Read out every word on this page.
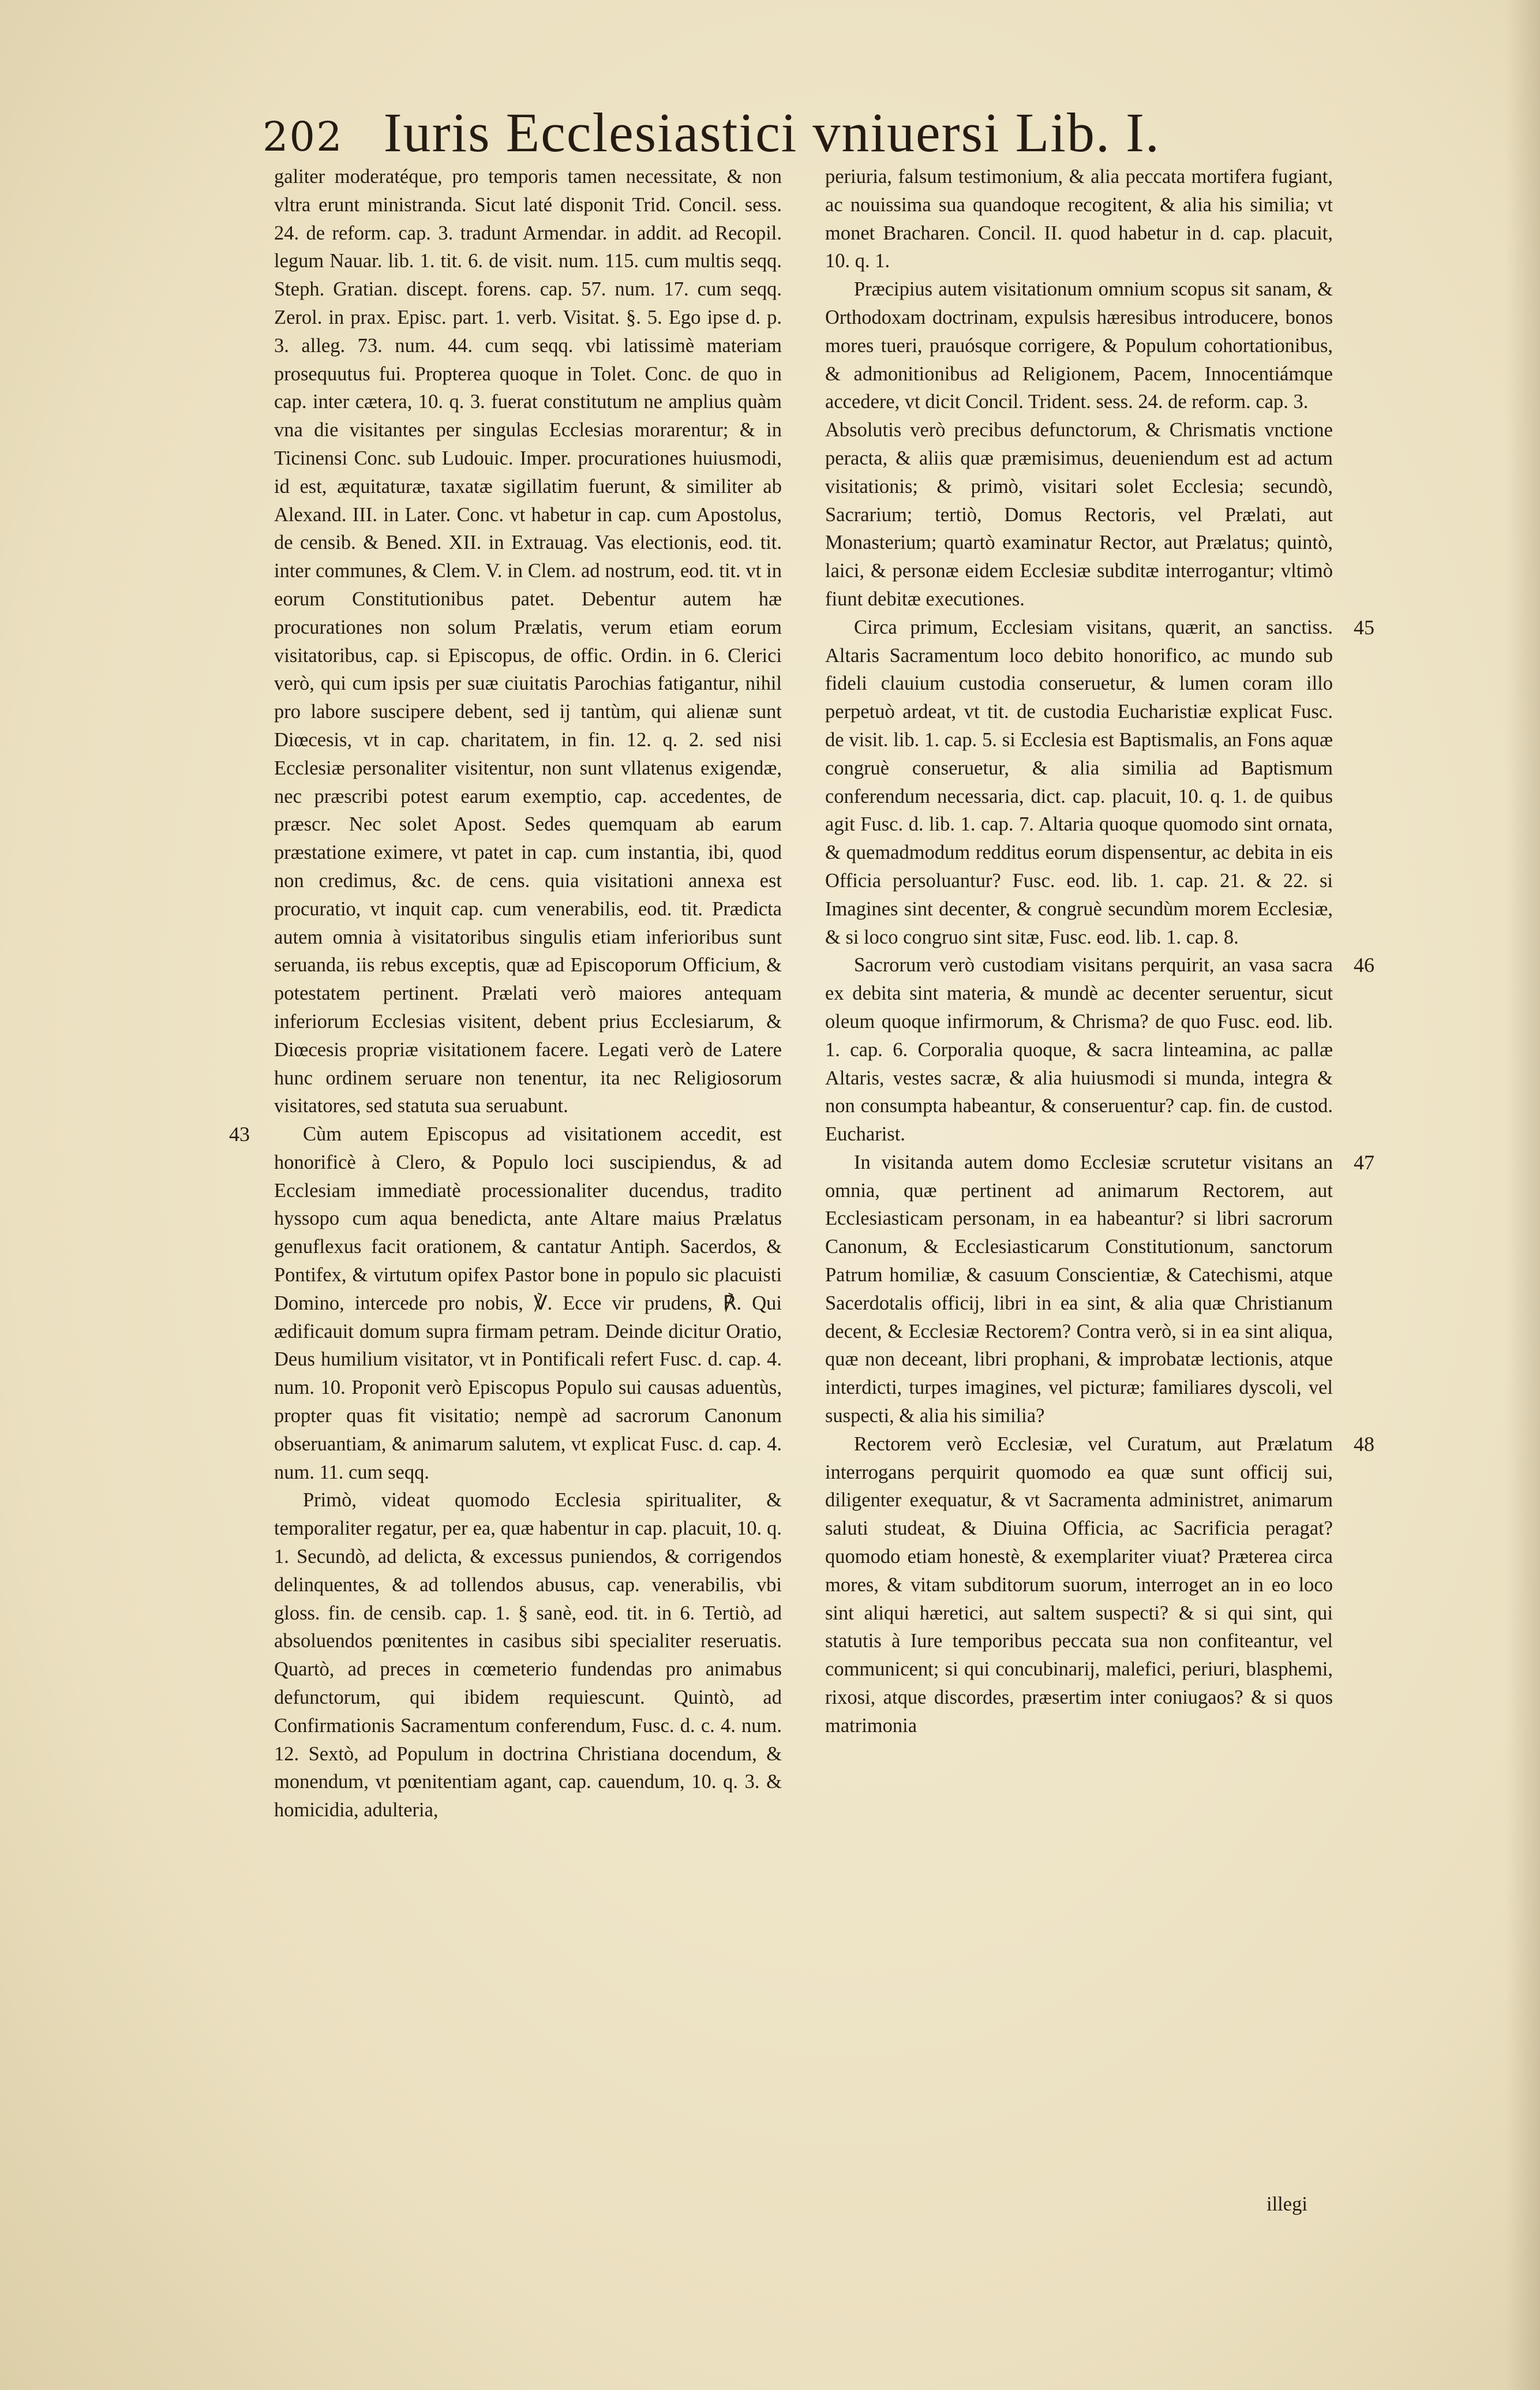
202 Iuris Ecclesiastici vniuersi Lib. I.

galiter moderatéque, pro temporis tamen necessitate, & non vltra erunt ministranda. Sicut laté disponit Trid. Concil. sess. 24. de reform. cap. 3. tradunt Armendar. in addit. ad Recopil. legum Nauar. lib. 1. tit. 6. de visit. num. 115. cum multis seqq. Steph. Gratian. discept. forens. cap. 57. num. 17. cum seqq. Zerol. in prax. Episc. part. 1. verb. Visitat. §. 5. Ego ipse d. p. 3. alleg. 73. num. 44. cum seqq. vbi latissimè materiam prosequutus fui. Propterea quoque in Tolet. Conc. de quo in cap. inter cætera, 10. q. 3. fuerat constitutum ne amplius quàm vna die visitantes per singulas Ecclesias morarentur; & in Ticinensi Conc. sub Ludouic. Imper. procurationes huiusmodi, id est, æquitaturæ, taxatæ sigillatim fuerunt, & similiter ab Alexand. III. in Later. Conc. vt habetur in cap. cum Apostolus, de censib. & Bened. XII. in Extrauag. Vas electionis, eod. tit. inter communes, & Clem. V. in Clem. ad nostrum, eod. tit. vt in eorum Constitutionibus patet. Debentur autem hæ procurationes non solum Prælatis, verum etiam eorum visitatoribus, cap. si Episcopus, de offic. Ordin. in 6. Clerici verò, qui cum ipsis per suæ ciuitatis Parochias fatigantur, nihil pro labore suscipere debent, sed ij tantùm, qui alienæ sunt Diœcesis, vt in cap. charitatem, in fin. 12. q. 2. sed nisi Ecclesiæ personaliter visitentur, non sunt vllatenus exigendæ, nec præscribi potest earum exemptio, cap. accedentes, de præscr. Nec solet Apost. Sedes quemquam ab earum præstatione eximere, vt patet in cap. cum instantia, ibi, quod non credimus, &c. de cens. quia visitationi annexa est procuratio, vt inquit cap. cum venerabilis, eod. tit. Prædicta autem omnia à visitatoribus singulis etiam inferioribus sunt seruanda, iis rebus exceptis, quæ ad Episcoporum Officium, & potestatem pertinent. Prælati verò maiores antequam inferiorum Ecclesias visitent, debent prius Ecclesiarum, & Diœcesis propriæ visitationem facere. Legati verò de Latere hunc ordinem seruare non tenentur, ita nec Religiosorum visitatores, sed statuta sua seruabunt.

43	Cùm autem Episcopus ad visitationem accedit, est honorificè à Clero, & Populo loci suscipiendus, & ad Ecclesiam immediatè processionaliter ducendus, tradito hyssopo cum aqua benedicta, ante Altare maius Prælatus genuflexus facit orationem, & cantatur Antiph. Sacerdos, & Pontifex, & virtutum opifex Pastor bone in populo sic placuisti Domino, intercede pro nobis, ℣. Ecce vir prudens, ℟. Qui ædificauit domum supra firmam petram. Deinde dicitur Oratio, Deus humilium visitator, vt in Pontificali refert Fusc. d. cap. 4. num. 10. Proponit verò Episcopus Populo sui causas aduentùs, propter quas fit visitatio; nempè ad sacrorum Canonum obseruantiam, & animarum salutem, vt explicat Fusc. d. cap. 4. num. 11. cum seqq.

Primò, videat quomodo Ecclesia spiritualiter, & temporaliter regatur, per ea, quæ habentur in cap. placuit, 10. q. 1. Secundò, ad delicta, & excessus puniendos, & corrigendos delinquentes, & ad tollendos abusus, cap. venerabilis, vbi gloss. fin. de censib. cap. 1. § sanè, eod. tit. in 6. Tertiò, ad absoluendos pœnitentes in casibus sibi specialiter reseruatis. Quartò, ad preces in cœmeterio fundendas pro animabus defunctorum, qui ibidem requiescunt. Quintò, ad Confirmationis Sacramentum conferendum, Fusc. d. c. 4. num. 12. Sextò, ad Populum in doctrina Christiana docendum, & monendum, vt pœnitentiam agant, cap. cauendum, 10. q. 3. & homicidia, adulteria,

periuria, falsum testimonium, & alia peccata mortifera fugiant, ac nouissima sua quandoque recogitent, & alia his similia; vt monet Bracharen. Concil. II. quod habetur in d. cap. placuit, 10. q. 1.

Præcipius autem visitationum omnium scopus sit sanam, & Orthodoxam doctrinam, expulsis hæresibus introducere, bonos mores tueri, prauósque corrigere, & Populum cohortationibus, & admonitionibus ad Religionem, Pacem, Innocentiámque accedere, vt dicit Concil. Trident. sess. 24. de reform. cap. 3.

Absolutis verò precibus defunctorum, & Chrismatis vnctione peracta, & aliis quæ præmisimus, deueniendum est ad actum visitationis; & primò, visitari solet Ecclesia; secundò, Sacrarium; tertiò, Domus Rectoris, vel Prælati, aut Monasterium; quartò examinatur Rector, aut Prælatus; quintò, laici, & personæ eidem Ecclesiæ subditæ interrogantur; vltimò fiunt debitæ executiones.

45

Circa primum, Ecclesiam visitans, quærit, an sanctiss. Altaris Sacramentum loco debito honorifico, ac mundo sub fideli clauium custodia conseruetur, & lumen coram illo perpetuò ardeat, vt tit. de custodia Eucharistiæ explicat Fusc. de visit. lib. 1. cap. 5. si Ecclesia est Baptismalis, an Fons aquæ congruè conseruetur, & alia similia ad Baptismum conferendum necessaria, dict. cap. placuit, 10. q. 1. de quibus agit Fusc. d. lib. 1. cap. 7. Altaria quoque quomodo sint ornata, & quemadmodum redditus eorum dispensentur, ac debita in eis Officia persoluantur? Fusc. eod. lib. 1. cap. 21. & 22. si Imagines sint decenter, & congruè secundùm morem Ecclesiæ, & si loco congruo sint sitæ, Fusc. eod. lib. 1. cap. 8.

46

Sacrorum verò custodiam visitans perquirit, an vasa sacra ex debita sint materia, & mundè ac decenter seruentur, sicut oleum quoque infirmorum, & Chrisma? de quo Fusc. eod. lib. 1. cap. 6. Corporalia quoque, & sacra linteamina, ac pallæ Altaris, vestes sacræ, & alia huiusmodi si munda, integra & non consumpta habeantur, & conseruentur? cap. fin. de custod. Eucharist.

47

In visitanda autem domo Ecclesiæ scrutetur visitans an omnia, quæ pertinent ad animarum Rectorem, aut Ecclesiasticam personam, in ea habeantur? si libri sacrorum Canonum, & Ecclesiasticarum Constitutionum, sanctorum Patrum homiliæ, & casuum Conscientiæ, & Catechismi, atque Sacerdotalis officij, libri in ea sint, & alia quæ Christianum decent, & Ecclesiæ Rectorem? Contra verò, si in ea sint aliqua, quæ non deceant, libri prophani, & improbatæ lectionis, atque interdicti, turpes imagines, vel picturæ; familiares dyscoli, vel suspecti, & alia his similia?

48

Rectorem verò Ecclesiæ, vel Curatum, aut Prælatum interrogans perquirit quomodo ea quæ sunt officij sui, diligenter exequatur, & vt Sacramenta administret, animarum saluti studeat, & Diuina Officia, ac Sacrificia peragat? quomodo etiam honestè, & exemplariter viuat? Præterea circa mores, & vitam subditorum suorum, interroget an in eo loco sint aliqui hæretici, aut saltem suspecti? & si qui sint, qui statutis à Iure temporibus peccata sua non confiteantur, vel communicent; si qui concubinarij, malefici, periuri, blasphemi, rixosi, atque discordes, præsertim inter coniugaos? & si quos matrimonia

illegi
